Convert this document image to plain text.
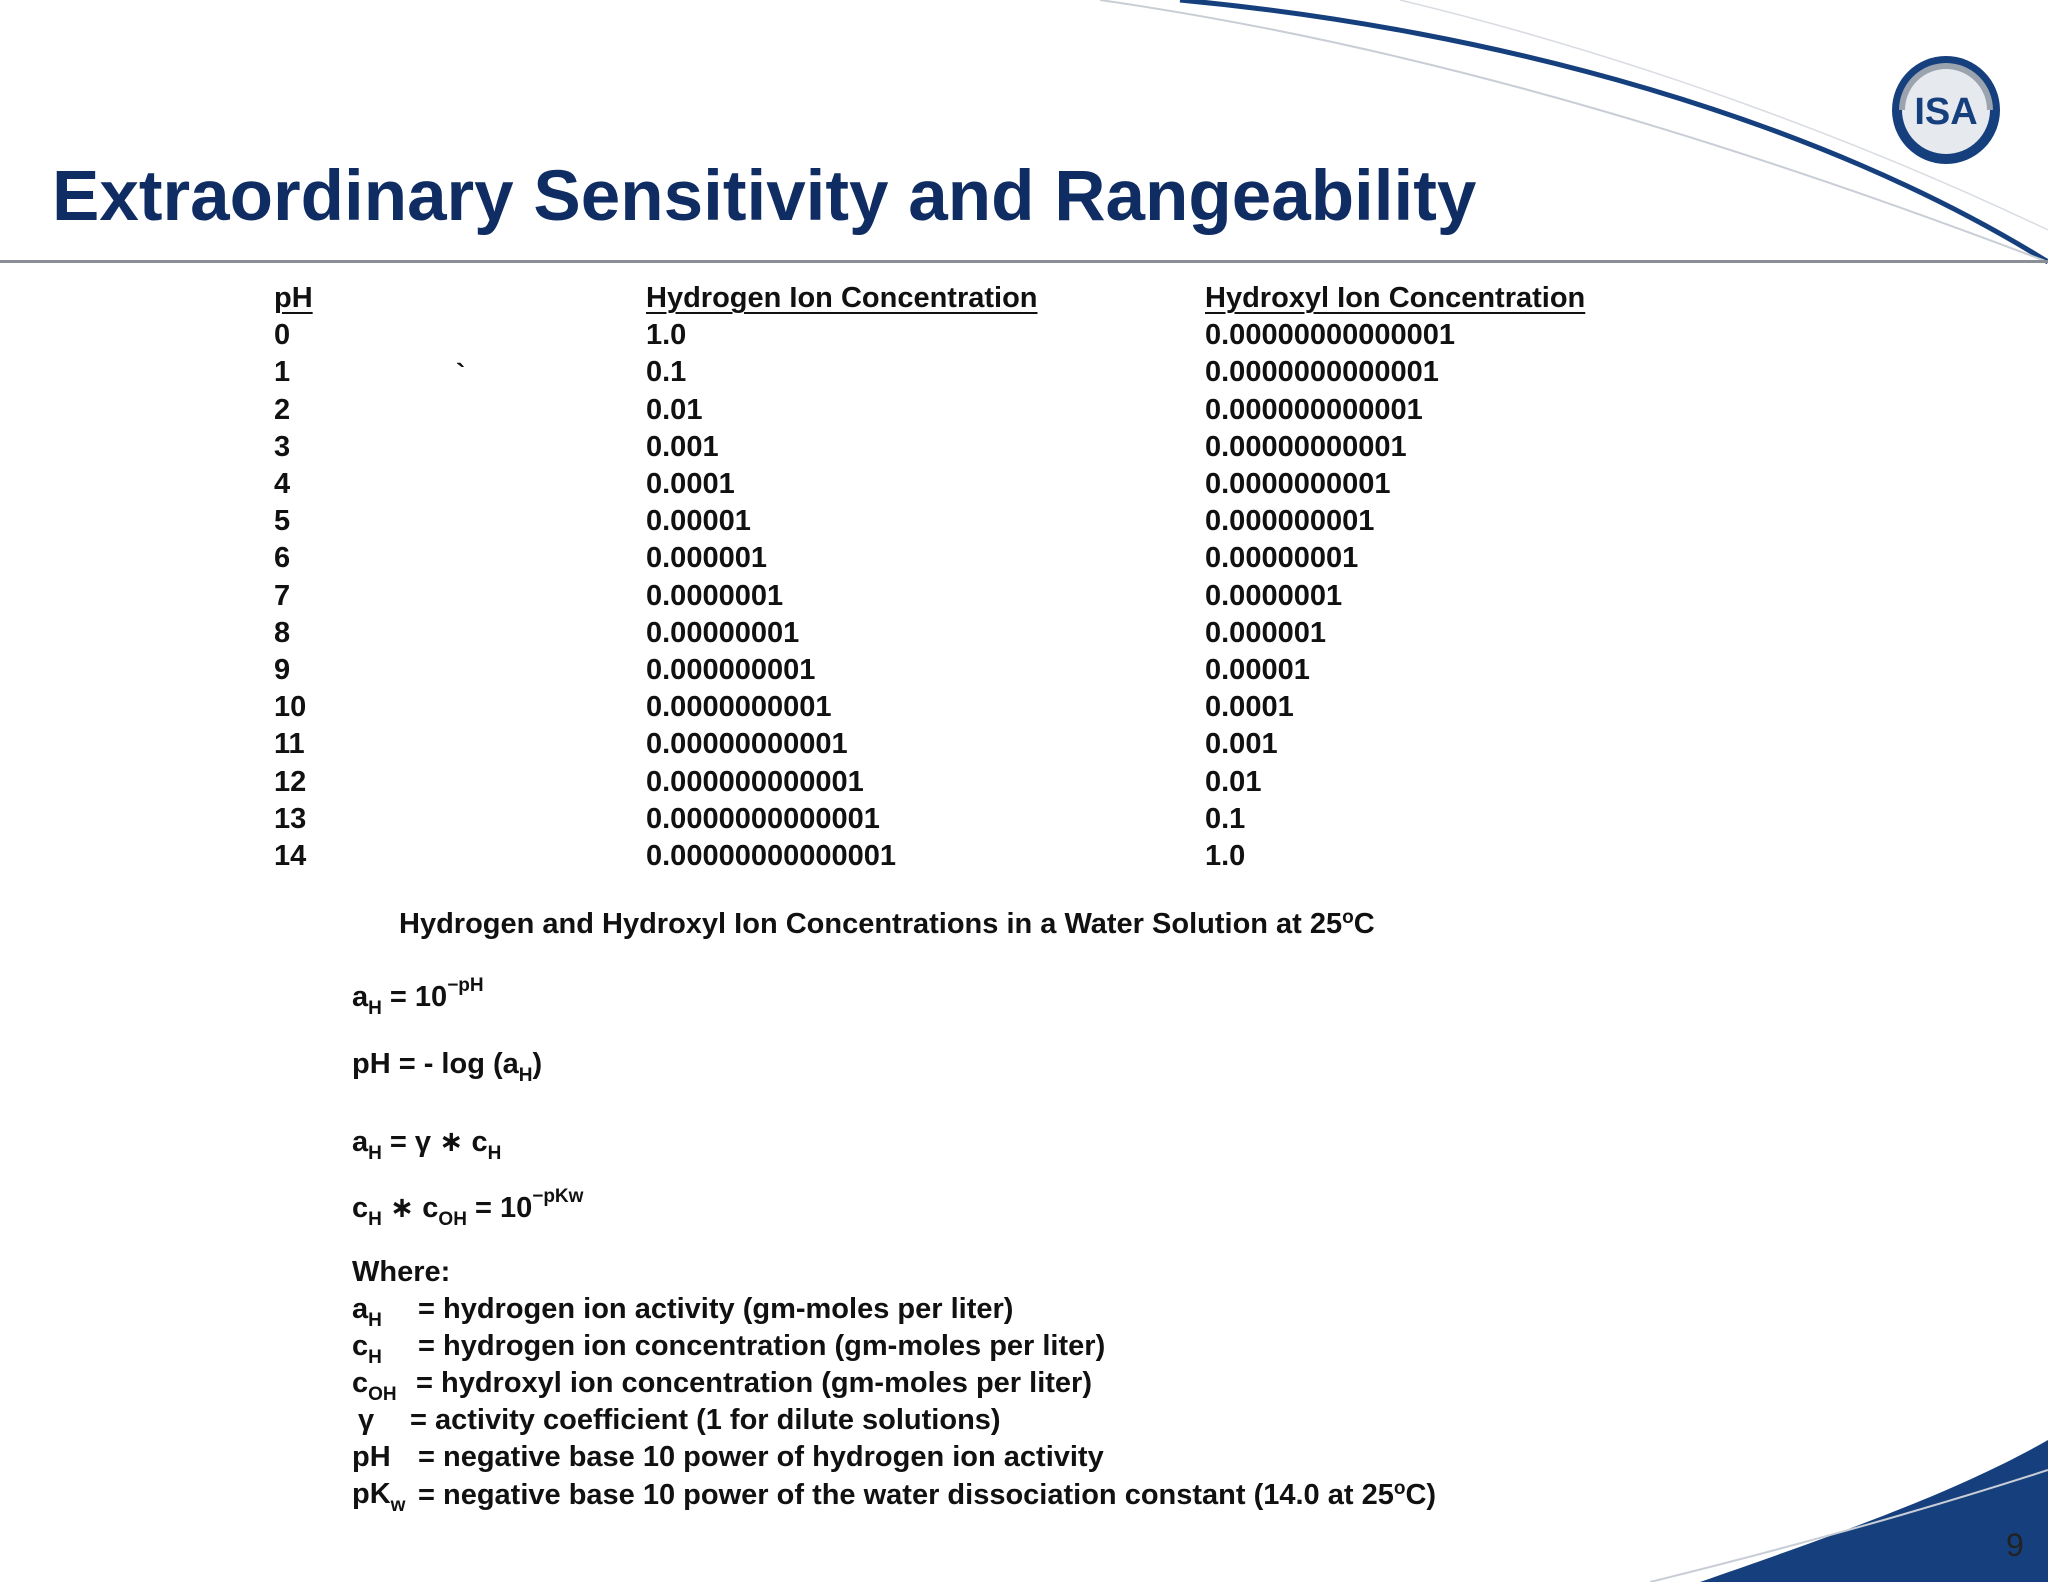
ISA
Extraordinary Sensitivity and Rangeability
pH	Hydrogen Ion Concentration	Hydroxyl Ion Concentration
0	1.0	0.00000000000001
1	0.1	0.0000000000001
2	0.01	0.000000000001
3	0.001	0.00000000001
4	0.0001	0.0000000001
5	0.00001	0.000000001
6	0.000001	0.00000001
7	0.0000001	0.0000001
8	0.00000001	0.000001
9	0.000000001	0.00001
10	0.0000000001	0.0001
11	0.00000000001	0.001
12	0.000000000001	0.01
13	0.0000000000001	0.1
14	0.00000000000001	1.0
`
Hydrogen and Hydroxyl Ion Concentrations in a Water Solution at 25$^o$C
$a_H = 10^{-pH}$
pH = - $\log (a_H)$
$a_H = \gamma$ ∗ $c_H$
$c_H$ ∗ $c_{OH} = 10^{-pKw}$
Where:
$a_H$ = hydrogen ion activity (gm-moles per liter)
$c_H$ = hydrogen ion concentration (gm-moles per liter)
$c_{OH}$ = hydroxyl ion concentration (gm-moles per liter)
γ = activity coefficient (1 for dilute solutions)
pH = negative base 10 power of hydrogen ion activity
$pK_w$ = negative base 10 power of the water dissociation constant (14.0 at 25$^o$C)
9
